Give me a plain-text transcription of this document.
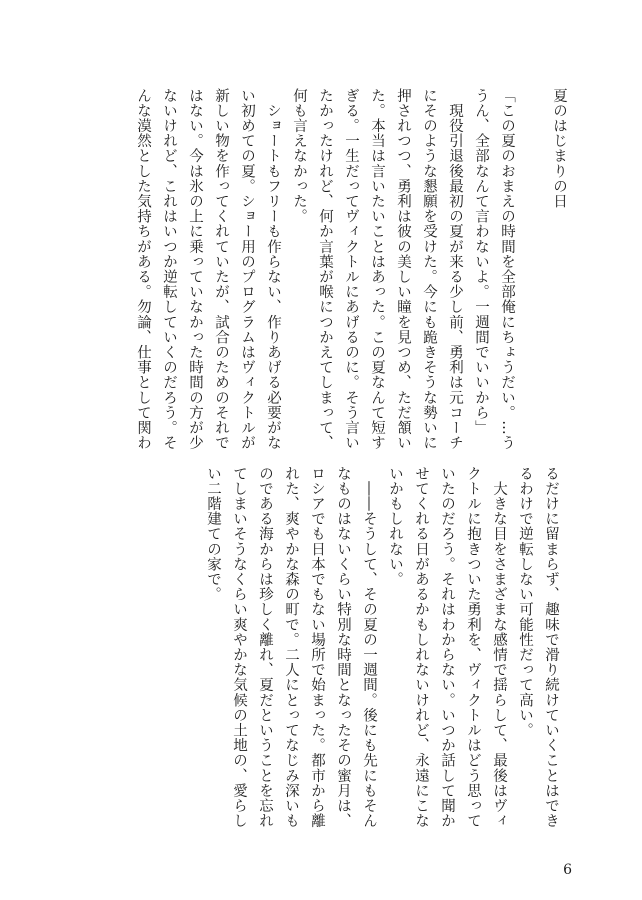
夏のはじまりの日

「この夏のおまえの時間を全部俺にちょうだい。…う

うん、全部なんて言わないよ。一週間でいいから」

　現役引退後最初の夏が来る少し前、勇利は元コーチ

にそのような懇願を受けた。今にも跪きそうな勢いに

押されつつ、勇利は彼の美しい瞳を見つめ、ただ頷い

た。本当は言いたいことはあった。この夏なんて短す

ぎる。一生だってヴィクトルにあげるのに。そう言い

たかったけれど、何か言葉が喉につかえてしまって、

何も言えなかった。

　ショートもフリーも作らない、作りあげる必要がな

い初めての夏。ショー用のプログラムはヴィクトルが

新しい物を作ってくれていたが、試合のためのそれで

はない。今は氷の上に乗っていなかった時間の方が少

ないけれど、これはいつか逆転していくのだろう。そ

んな漠然とした気持ちがある。勿論、仕事として関わ

るだけに留まらず、趣味で滑り続けていくことはでき

るわけで逆転しない可能性だって高い。

　大きな目をさまざまな感情で揺らして、最後はヴィ

クトルに抱きついた勇利を、ヴィクトルはどう思って

いたのだろう。それはわからない。いつか話して聞か

せてくれる日があるかもしれないけれど、永遠にこな

いかもしれない。

　――そうして、その夏の一週間。後にも先にもそん

なものはないくらい特別な時間となったその蜜月は、

ロシアでも日本でもない場所で始まった。都市から離

れた、爽やかな森の町で。二人にとってなじみ深いも

のである海からは珍しく離れ、夏だということを忘れ

てしまいそうなくらい爽やかな気候の土地の、愛らし

い二階建ての家で。

6
